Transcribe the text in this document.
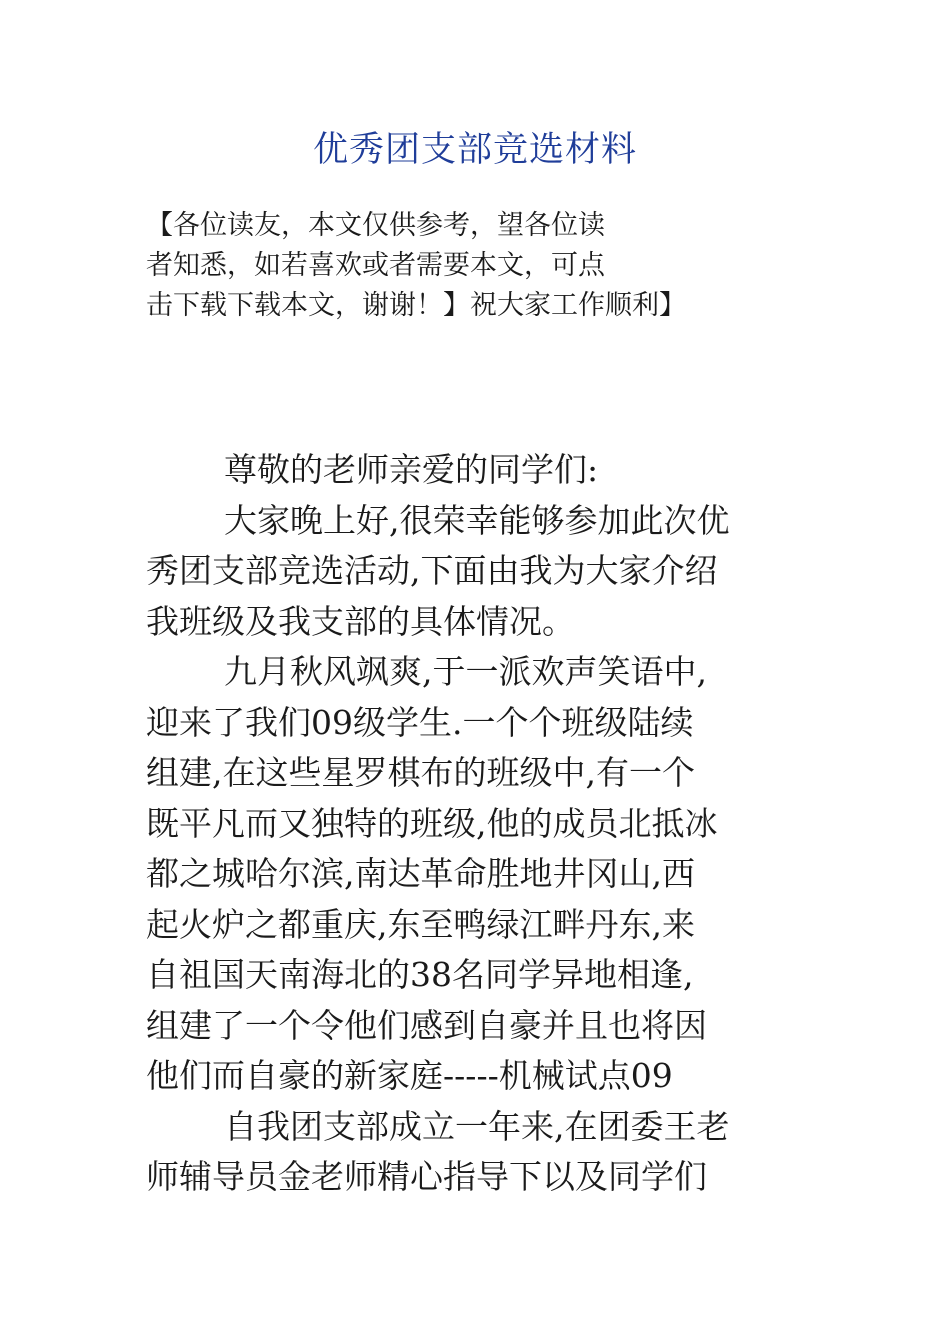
优秀团支部竞选材料
【各位读友，本文仅供参考，望各位读
者知悉，如若喜欢或者需要本文，可点
击下载下载本文，谢谢！】祝大家工作顺利】
尊敬的老师亲爱的同学们:
大家晚上好,很荣幸能够参加此次优
秀团支部竞选活动,下面由我为大家介绍
我班级及我支部的具体情况。
九月秋风飒爽,于一派欢声笑语中,
迎来了我们09级学生.一个个班级陆续
组建,在这些星罗棋布的班级中,有一个
既平凡而又独特的班级,他的成员北抵冰
都之城哈尔滨,南达革命胜地井冈山,西
起火炉之都重庆,东至鸭绿江畔丹东,来
自祖国天南海北的38名同学异地相逢,
组建了一个令他们感到自豪并且也将因
他们而自豪的新家庭-----机械试点09
自我团支部成立一年来,在团委王老
师辅导员金老师精心指导下以及同学们
